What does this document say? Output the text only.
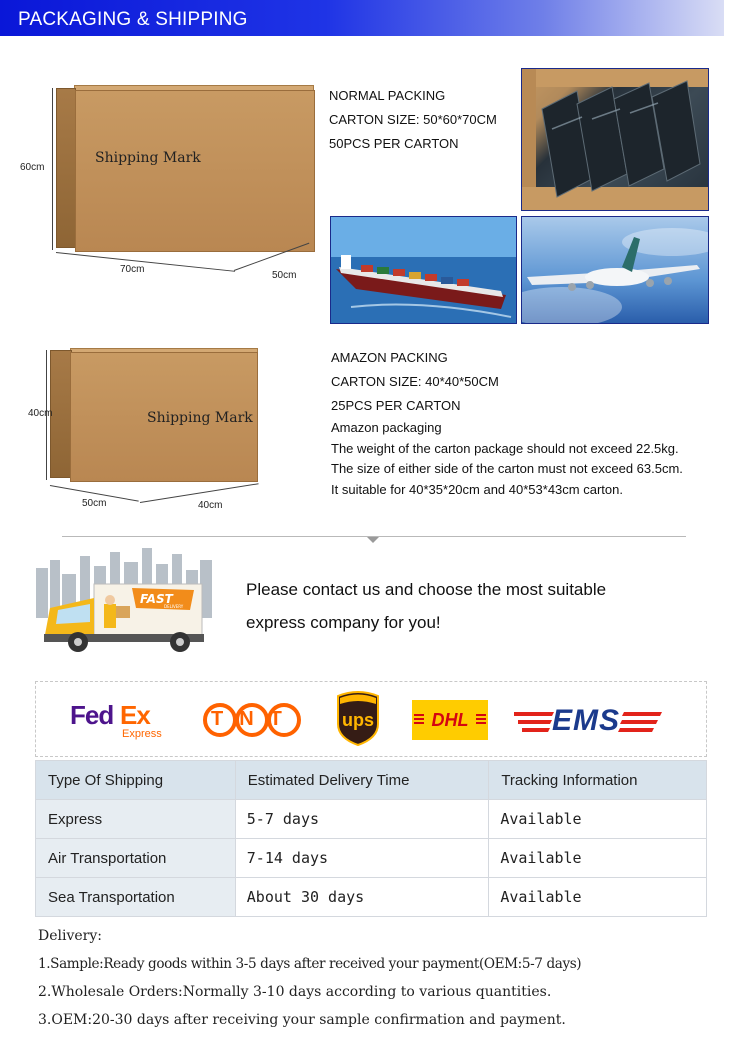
PACKAGING & SHIPPING
Shipping Mark
60cm
70cm
50cm
NORMAL PACKING
CARTON SIZE: 50*60*70CM
50PCS PER CARTON
Shipping Mark
40cm
50cm	40cm
AMAZON PACKING
CARTON SIZE: 40*40*50CM
25PCS PER CARTON
Amazon packaging
The weight of the carton package should not exceed 22.5kg.
The size of either side of the carton must not exceed 63.5cm.
It suitable for 40*35*20cm and 40*53*43cm carton.
FAST
DELIVERY
Please contact us and choose the most suitable
express company for you!
Fed Ex
Express
TNT ups	DHL	EMS
Type Of Shipping	Estimated Delivery Time	Tracking Information
Express	5-7 days	Available
Air Transportation	7-14 days	Available
Sea Transportation	About 30 days	Available
Delivery:
1.Sample:Ready goods within 3-5 days after received your payment(OEM:5-7 days)
2.Wholesale Orders:Normally 3-10 days according to various quantities.
3.OEM:20-30 days after receiving your sample confirmation and payment.
